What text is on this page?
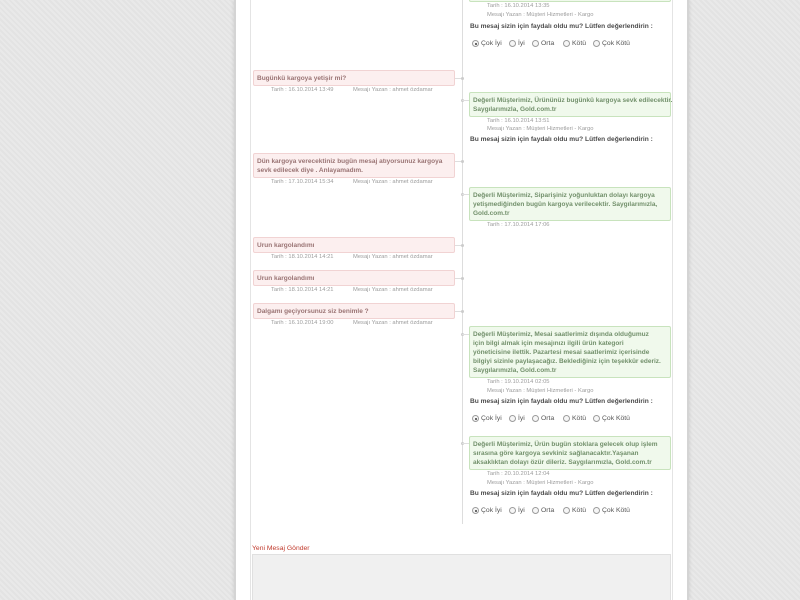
Tarih : 16.10.2014 13:35
Mesajı Yazan : Müşteri Hizmetleri - Kargo
Bu mesaj sizin için faydalı oldu mu? Lütfen değerlendirin :
Çok İyi İyi Orta	Kötü Çok Kötü
Bugünkü kargoya yetişir mi?
Tarih : 16.10.2014 13:49	Mesajı Yazan : ahmet özdamar
Değerli Müşterimiz, Ürününüz bugünkü kargoya sevk edilecektir.
Saygılarımızla, Gold.com.tr
Tarih : 16.10.2014 13:51
Mesajı Yazan : Müşteri Hizmetleri - Kargo
Bu mesaj sizin için faydalı oldu mu? Lütfen değerlendirin :
Dün kargoya verecektiniz bugün mesaj atıyorsunuz kargoya
sevk edilecek diye . Anlayamadım.
Tarih : 17.10.2014 15:34	Mesajı Yazan : ahmet özdamar
Değerli Müşterimiz, Siparişiniz yoğunluktan dolayı kargoya
yetişmediğinden bugün kargoya verilecektir. Saygılarımızla,
Gold.com.tr
Tarih : 17.10.2014 17:06
Urun kargolandımı
Tarih : 18.10.2014 14:21	Mesajı Yazan : ahmet özdamar
Urun kargolandımı
Tarih : 18.10.2014 14:21	Mesajı Yazan : ahmet özdamar
Dalgamı geçiyorsunuz siz benimle ?
Tarih : 16.10.2014 19:00	Mesajı Yazan : ahmet özdamar
Değerli Müşterimiz, Mesai saatlerimiz dışında olduğumuz
için bilgi almak için mesajınızı ilgili ürün kategori
yöneticisine ilettik. Pazartesi mesai saatlerimiz içerisinde
bilgiyi sizinle paylaşacağız. Beklediğiniz için teşekkür ederiz.
Saygılarımızla, Gold.com.tr
Tarih : 19.10.2014 02:05
Mesajı Yazan : Müşteri Hizmetleri - Kargo
Bu mesaj sizin için faydalı oldu mu? Lütfen değerlendirin :
Çok İyi İyi Orta	Kötü Çok Kötü
Değerli Müşterimiz, Ürün bugün stoklara gelecek olup işlem
sırasına göre kargoya sevkiniz sağlanacaktır.Yaşanan
aksaklıktan dolayı özür dileriz. Saygılarımızla, Gold.com.tr
Tarih : 20.10.2014 12:04
Mesajı Yazan : Müşteri Hizmetleri - Kargo
Bu mesaj sizin için faydalı oldu mu? Lütfen değerlendirin :
Çok İyi İyi Orta	Kötü Çok Kötü
Yeni Mesaj Gönder
